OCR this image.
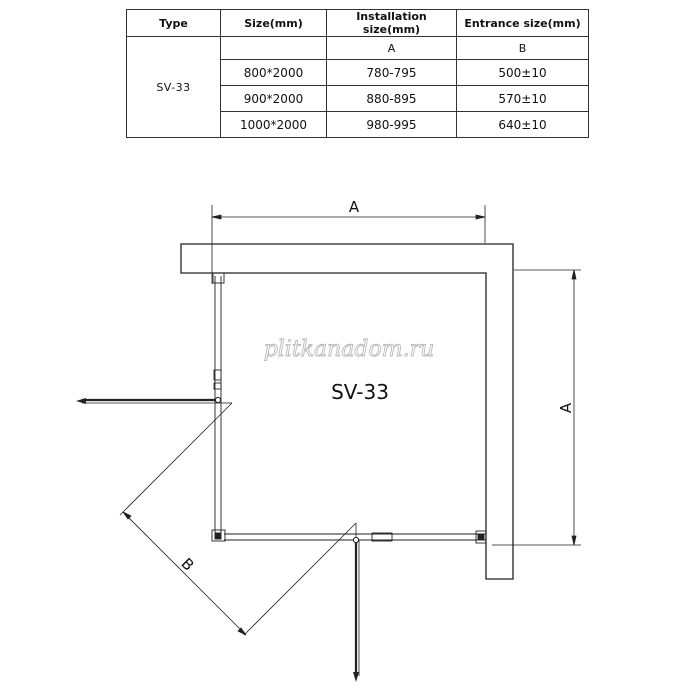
Type	Size(mm)	Installation size(mm)	Entrance size(mm)
SV-33		A	B
	800*2000	780-795	500±10
	900*2000	880-895	570±10
	1000*2000	980-995	640±10
A
A
B
SV-33
plitkanadom.ru
